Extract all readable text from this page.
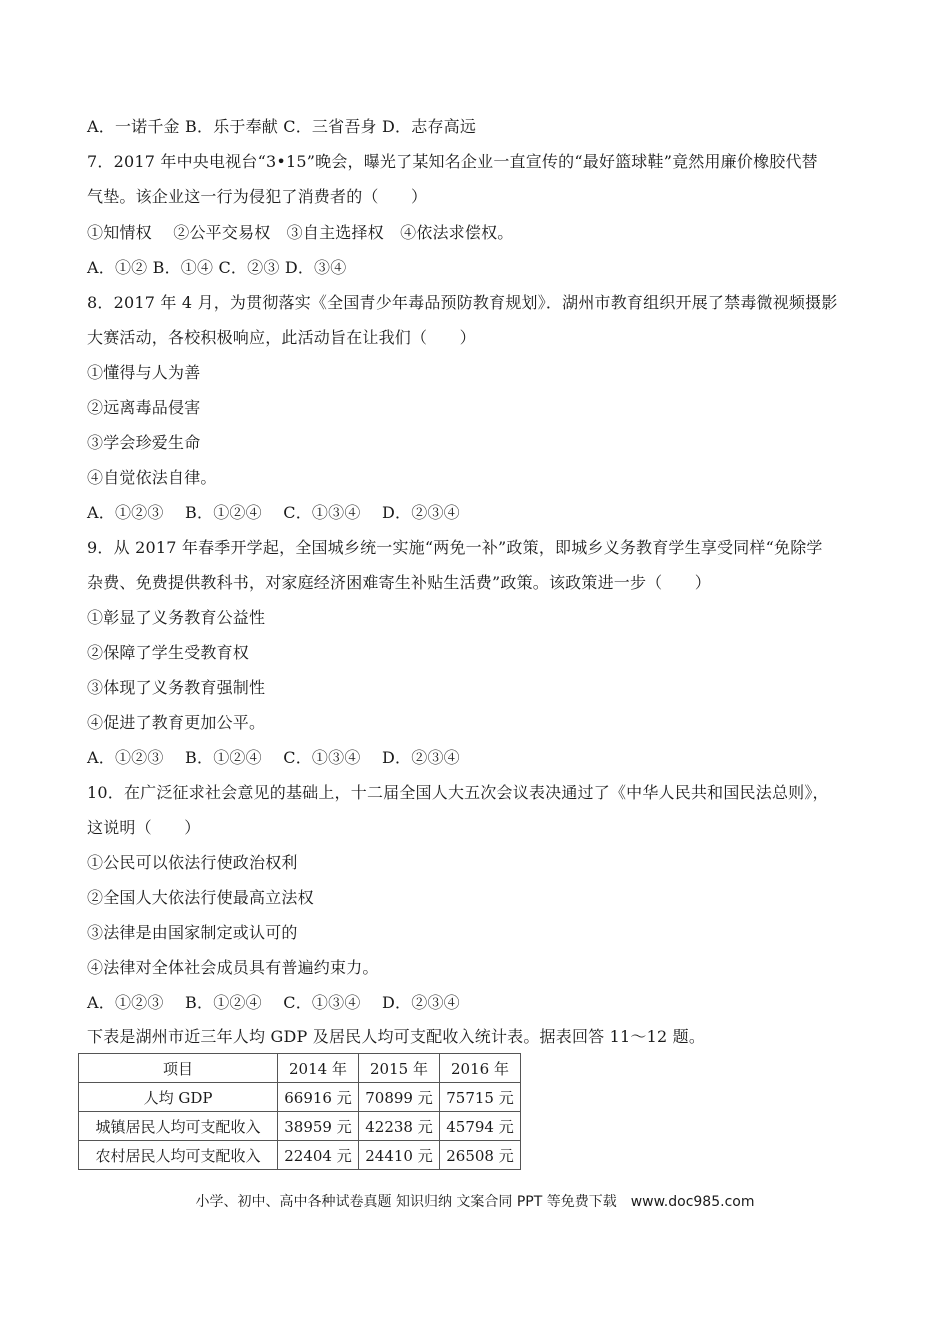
A．一诺千金 B．乐于奉献 C．三省吾身 D．志存高远
7．2017 年中央电视台“3•15”晚会，曝光了某知名企业一直宣传的“最好篮球鞋”竟然用廉价橡胶代替
气垫。该企业这一行为侵犯了消费者的（　　）
①知情权　 ②公平交易权　③自主选择权　④依法求偿权。
A．①② B．①④ C．②③ D．③④
8．2017 年 4 月，为贯彻落实《全国青少年毒品预防教育规划》．湖州市教育组织开展了禁毒微视频摄影
大赛活动，各校积极响应，此活动旨在让我们（　　）
①懂得与人为善
②远离毒品侵害
③学会珍爱生命
④自觉依法自律。
A．①②③　 B．①②④　 C．①③④　 D．②③④
9．从 2017 年春季开学起，全国城乡统一实施“两免一补”政策，即城乡义务教育学生享受同样“免除学
杂费、免费提供教科书，对家庭经济困难寄生补贴生活费”政策。该政策进一步（　　）
①彰显了义务教育公益性
②保障了学生受教育权
③体现了义务教育强制性
④促进了教育更加公平。
A．①②③　 B．①②④　 C．①③④　 D．②③④
10．在广泛征求社会意见的基础上，十二届全国人大五次会议表决通过了《中华人民共和国民法总则》，
这说明（　　）
①公民可以依法行使政治权利
②全国人大依法行使最高立法权
③法律是由国家制定或认可的
④法律对全体社会成员具有普遍约束力。
A．①②③　 B．①②④　 C．①③④　 D．②③④
下表是湖州市近三年人均 GDP 及居民人均可支配收入统计表。据表回答 11～12 题。
项目	2014 年	2015 年	2016 年
人均 GDP	66916 元	70899 元	75715 元
城镇居民人均可支配收入	38959 元	42238 元	45794 元
农村居民人均可支配收入	22404 元	24410 元	26508 元
小学、初中、高中各种试卷真题 知识归纳 文案合同 PPT 等免费下载　www.doc985.com
